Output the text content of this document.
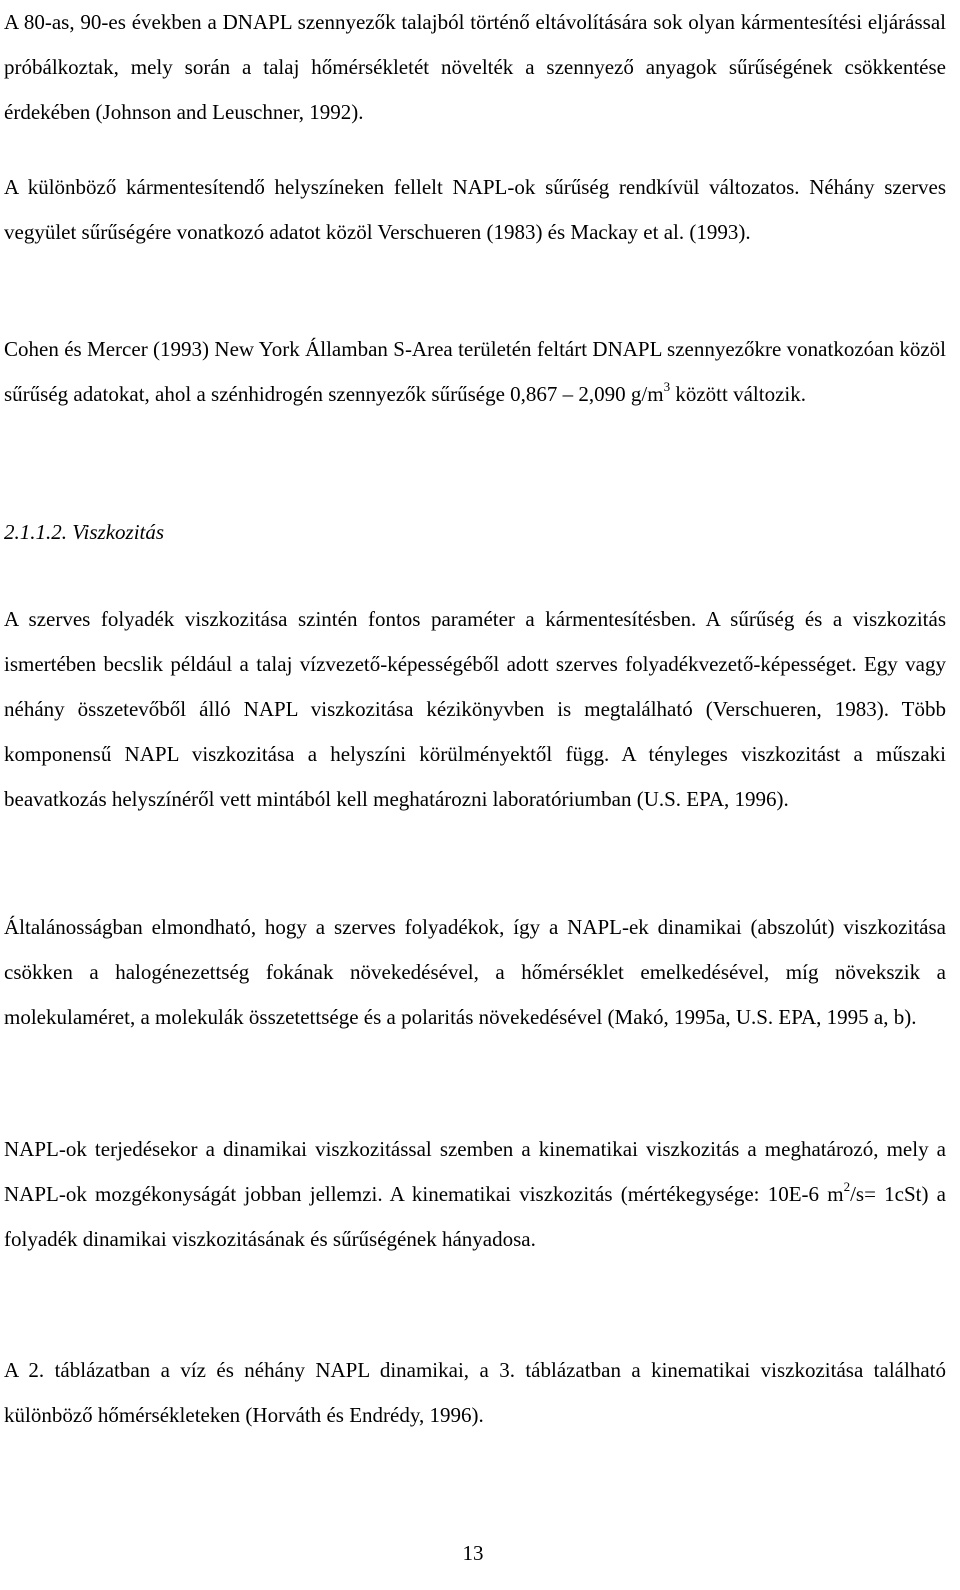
A 80-as, 90-es években a DNAPL szennyezők talajból történő eltávolítására sok olyan kármentesítési eljárással próbálkoztak, mely során a talaj hőmérsékletét növelték a szennyező anyagok sűrűségének csökkentése érdekében (Johnson and Leuschner, 1992).

A különböző kármentesítendő helyszíneken fellelt NAPL-ok sűrűség rendkívül változatos. Néhány szerves vegyület sűrűségére vonatkozó adatot közöl Verschueren (1983) és Mackay et al. (1993).

Cohen és Mercer (1993) New York Államban S-Area területén feltárt DNAPL szennyezőkre vonatkozóan közöl sűrűség adatokat, ahol a szénhidrogén szennyezők sűrűsége 0,867 – 2,090 $g/m^3$ között változik.

2.1.1.2. Viszkozitás

A szerves folyadék viszkozitása szintén fontos paraméter a kármentesítésben. A sűrűség és a viszkozitás ismertében becslik például a talaj vízvezető-képességéből adott szerves folyadékvezető-képességet. Egy vagy néhány összetevőből álló NAPL viszkozitása kézikönyvben is megtalálható (Verschueren, 1983). Több komponensű NAPL viszkozitása a helyszíni körülményektől függ. A tényleges viszkozitást a műszaki beavatkozás helyszínéről vett mintából kell meghatározni laboratóriumban (U.S. EPA, 1996).

Általánosságban elmondható, hogy a szerves folyadékok, így a NAPL-ek dinamikai (abszolút) viszkozitása csökken a halogénezettség fokának növekedésével, a hőmérséklet emelkedésével, míg növekszik a molekulaméret, a molekulák összetettsége és a polaritás növekedésével (Makó, 1995a, U.S. EPA, 1995 a, b).

NAPL-ok terjedésekor a dinamikai viszkozitással szemben a kinematikai viszkozitás a meghatározó, mely a NAPL-ok mozgékonyságát jobban jellemzi. A kinematikai viszkozitás (mértékegysége: 10E-6 $m^2/s= 1cSt$) a folyadék dinamikai viszkozitásának és sűrűségének hányadosa.

A 2. táblázatban a víz és néhány NAPL dinamikai, a 3. táblázatban a kinematikai viszkozitása található különböző hőmérsékleteken (Horváth és Endrédy, 1996).

13
